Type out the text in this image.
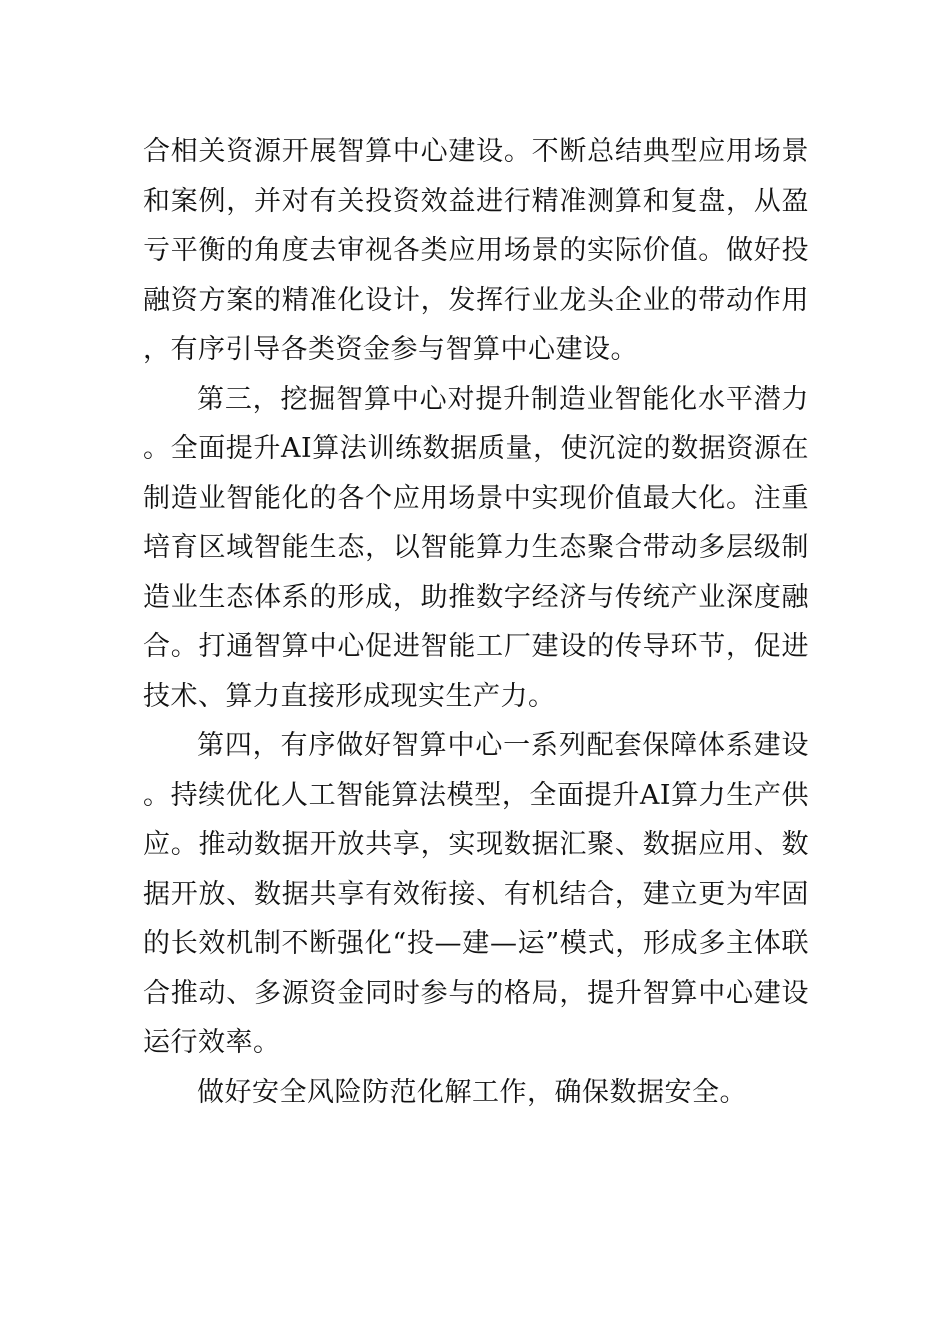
合相关资源开展智算中心建设。不断总结典型应用场景和案例，并对有关投资效益进行精准测算和复盘，从盈亏平衡的角度去审视各类应用场景的实际价值。做好投融资方案的精准化设计，发挥行业龙头企业的带动作用，有序引导各类资金参与智算中心建设。

第三，挖掘智算中心对提升制造业智能化水平潜力。全面提升AI算法训练数据质量，使沉淀的数据资源在制造业智能化的各个应用场景中实现价值最大化。注重培育区域智能生态，以智能算力生态聚合带动多层级制造业生态体系的形成，助推数字经济与传统产业深度融合。打通智算中心促进智能工厂建设的传导环节，促进技术、算力直接形成现实生产力。

第四，有序做好智算中心一系列配套保障体系建设。持续优化人工智能算法模型，全面提升AI算力生产供应。推动数据开放共享，实现数据汇聚、数据应用、数据开放、数据共享有效衔接、有机结合，建立更为牢固的长效机制不断强化“投—建—运”模式，形成多主体联合推动、多源资金同时参与的格局，提升智算中心建设运行效率。

做好安全风险防范化解工作，确保数据安全。
